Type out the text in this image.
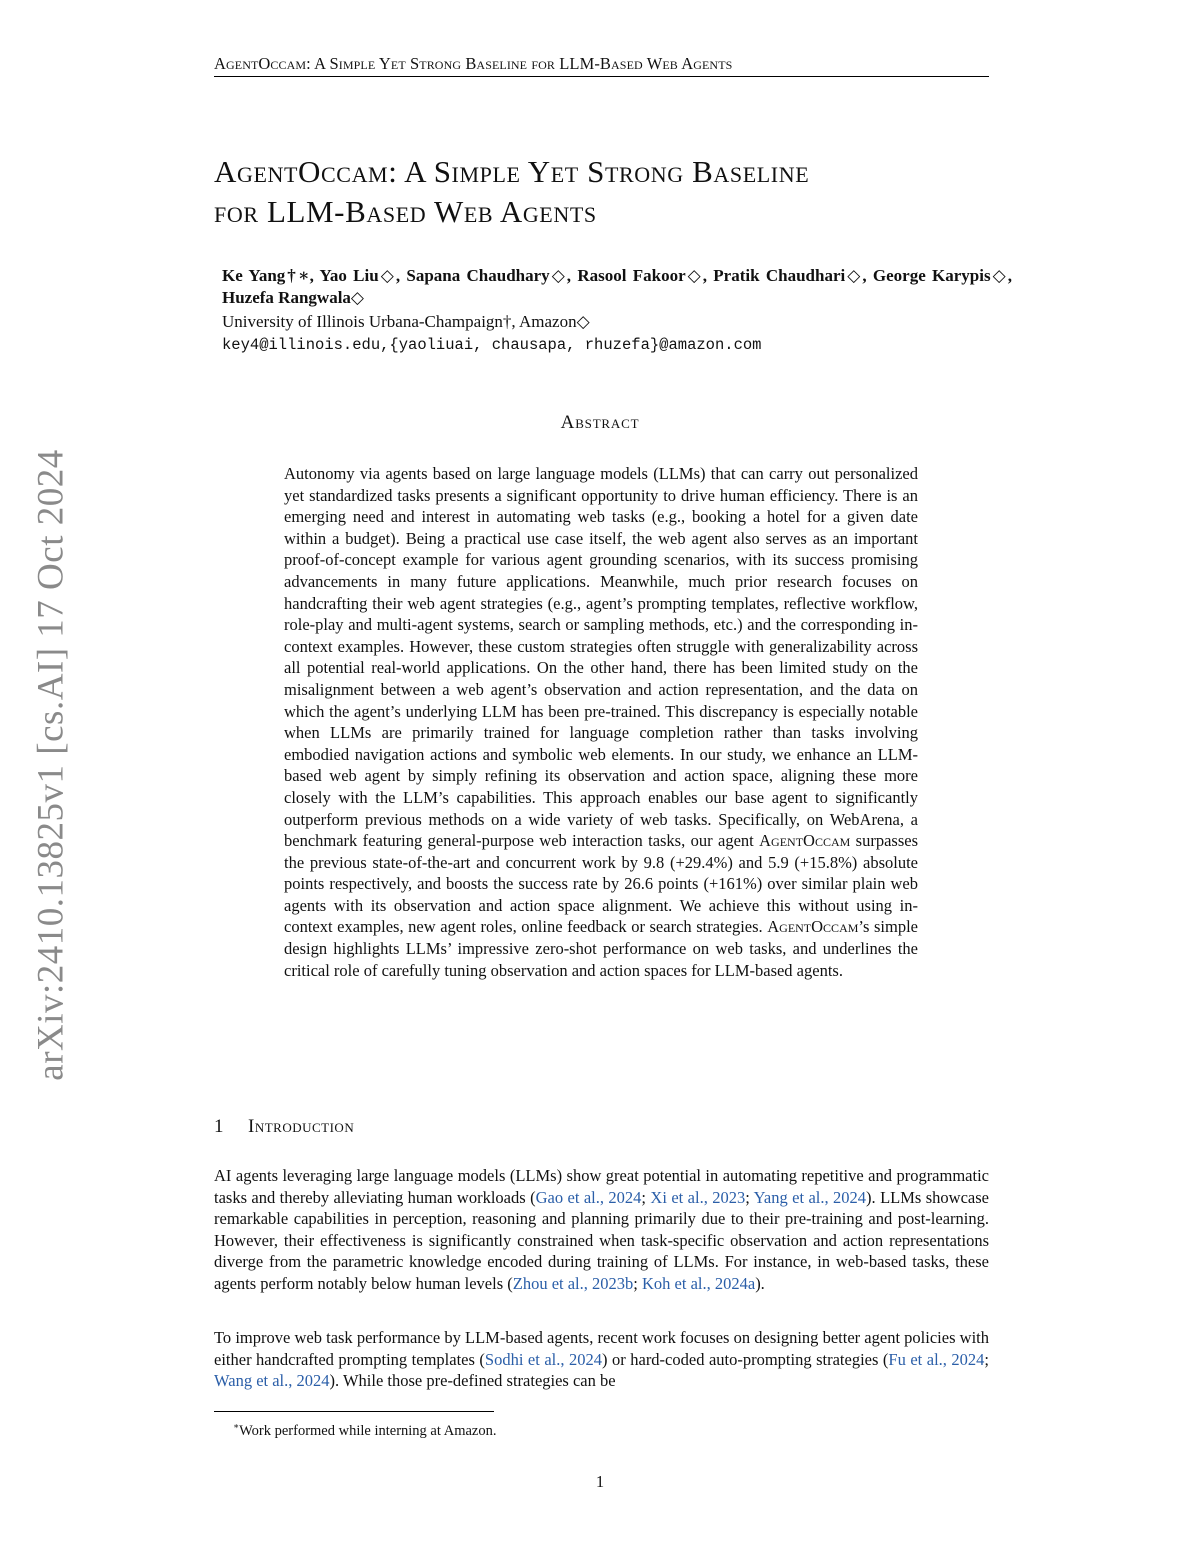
AgentOccam: A Simple Yet Strong Baseline for LLM-Based Web Agents
arXiv:2410.13825v1 [cs.AI] 17 Oct 2024
AgentOccam: A Simple Yet Strong Baseline
for LLM-Based Web Agents
Ke Yang†∗, Yao Liu◇, Sapana Chaudhary◇, Rasool Fakoor◇, Pratik Chaudhari◇, George Karypis◇, Huzefa Rangwala◇
University of Illinois Urbana-Champaign†, Amazon◇
key4@illinois.edu,{yaoliuai, chausapa, rhuzefa}@amazon.com
Abstract
Autonomy via agents based on large language models (LLMs) that can carry out personalized yet standardized tasks presents a significant opportunity to drive human efficiency. There is an emerging need and interest in automating web tasks (e.g., booking a hotel for a given date within a budget). Being a practical use case itself, the web agent also serves as an important proof-of-concept example for various agent grounding scenarios, with its success promising advancements in many future applications. Meanwhile, much prior research focuses on handcrafting their web agent strategies (e.g., agent’s prompting templates, reflective workflow, role-play and multi-agent systems, search or sampling methods, etc.) and the corresponding in-context examples. However, these custom strategies often struggle with generalizability across all potential real-world applications. On the other hand, there has been limited study on the misalignment between a web agent’s observation and action representation, and the data on which the agent’s underlying LLM has been pre-trained. This discrepancy is especially notable when LLMs are primarily trained for language completion rather than tasks involving embodied navigation actions and symbolic web elements. In our study, we enhance an LLM-based web agent by simply refining its observation and action space, aligning these more closely with the LLM’s capabilities. This approach enables our base agent to significantly outperform previous methods on a wide variety of web tasks. Specifically, on WebArena, a benchmark featuring general-purpose web interaction tasks, our agent AgentOccam surpasses the previous state-of-the-art and concurrent work by 9.8 (+29.4%) and 5.9 (+15.8%) absolute points respectively, and boosts the success rate by 26.6 points (+161%) over similar plain web agents with its observation and action space alignment. We achieve this without using in-context examples, new agent roles, online feedback or search strategies. AgentOccam’s simple design highlights LLMs’ impressive zero-shot performance on web tasks, and underlines the critical role of carefully tuning observation and action spaces for LLM-based agents.
1 Introduction
AI agents leveraging large language models (LLMs) show great potential in automating repetitive and programmatic tasks and thereby alleviating human workloads (Gao et al., 2024; Xi et al., 2023; Yang et al., 2024). LLMs showcase remarkable capabilities in perception, reasoning and planning primarily due to their pre-training and post-learning. However, their effectiveness is significantly constrained when task-specific observation and action representations diverge from the parametric knowledge encoded during training of LLMs. For instance, in web-based tasks, these agents perform notably below human levels (Zhou et al., 2023b; Koh et al., 2024a).
To improve web task performance by LLM-based agents, recent work focuses on designing better agent policies with either handcrafted prompting templates (Sodhi et al., 2024) or hard-coded auto-prompting strategies (Fu et al., 2024; Wang et al., 2024). While those pre-defined strategies can be
∗Work performed while interning at Amazon.
1
